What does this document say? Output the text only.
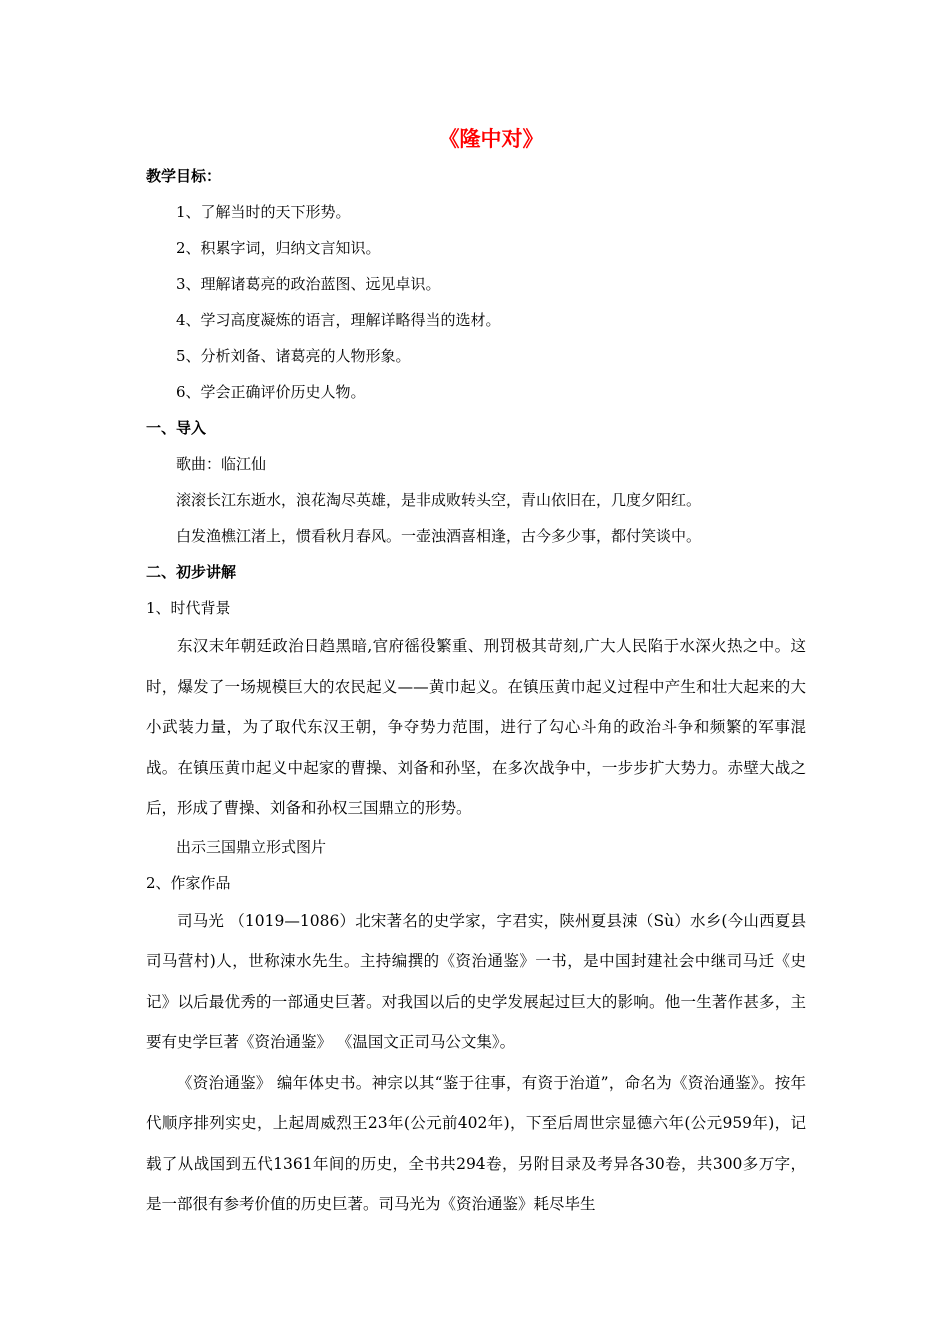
《隆中对》

教学目标：

1、了解当时的天下形势。

2、积累字词，归纳文言知识。

3、理解诸葛亮的政治蓝图、远见卓识。

4、学习高度凝炼的语言，理解详略得当的选材。

5、分析刘备、诸葛亮的人物形象。

6、学会正确评价历史人物。

一、导入

歌曲：临江仙

滚滚长江东逝水，浪花淘尽英雄，是非成败转头空，青山依旧在，几度夕阳红。

白发渔樵江渚上，惯看秋月春风。一壶浊酒喜相逢，古今多少事，都付笑谈中。

二、初步讲解

1、时代背景

东汉末年朝廷政治日趋黑暗,官府徭役繁重、刑罚极其苛刻,广大人民陷于水深火热之中。这时，爆发了一场规模巨大的农民起义——黄巾起义。在镇压黄巾起义过程中产生和壮大起来的大小武装力量，为了取代东汉王朝，争夺势力范围，进行了勾心斗角的政治斗争和频繁的军事混战。在镇压黄巾起义中起家的曹操、刘备和孙坚，在多次战争中，一步步扩大势力。赤壁大战之后，形成了曹操、刘备和孙权三国鼎立的形势。

出示三国鼎立形式图片

2、作家作品

司马光 （1019—1086）北宋著名的史学家，字君实，陕州夏县涑（Sù）水乡(今山西夏县司马营村)人，世称涑水先生。主持编撰的《资治通鉴》一书，是中国封建社会中继司马迁《史记》以后最优秀的一部通史巨著。对我国以后的史学发展起过巨大的影响。他一生著作甚多，主要有史学巨著《资治通鉴》 《温国文正司马公文集》。

《资治通鉴》 编年体史书。神宗以其“鉴于往事，有资于治道”，命名为《资治通鉴》。按年代顺序排列实史，上起周威烈王23年(公元前402年)，下至后周世宗显德六年(公元959年)，记载了从战国到五代1361年间的历史，全书共294卷，另附目录及考异各30卷，共300多万字，是一部很有参考价值的历史巨著。司马光为《资治通鉴》耗尽毕生
